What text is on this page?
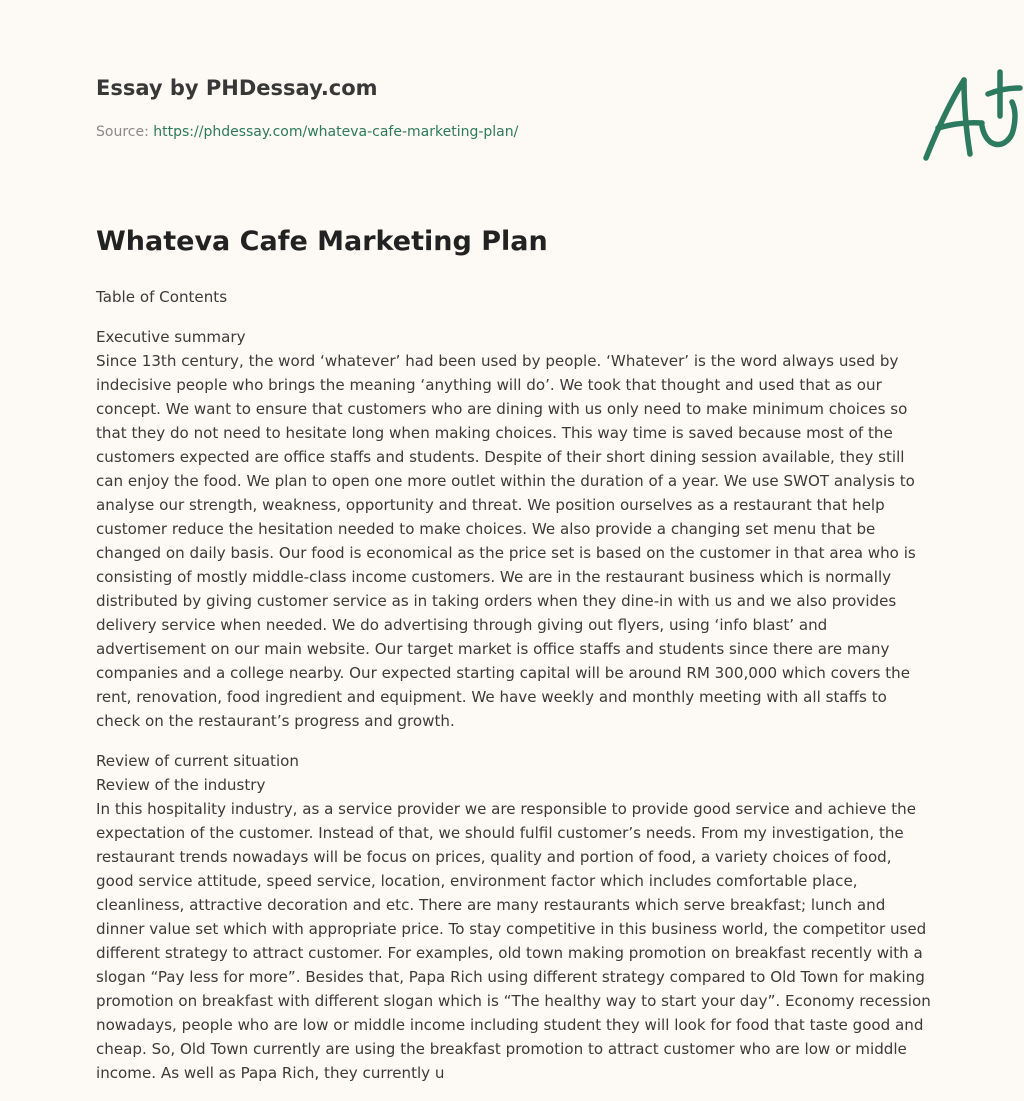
Essay by PHDessay.com
Source: https://phdessay.com/whateva-cafe-marketing-plan/
Whateva Cafe Marketing Plan

Table of Contents

Executive summary
Since 13th century, the word ‘whatever’ had been used by people. ‘Whatever’ is the word always used by indecisive people who brings the meaning ‘anything will do’. We took that thought and used that as our concept. We want to ensure that customers who are dining with us only need to make minimum choices so that they do not need to hesitate long when making choices. This way time is saved because most of the customers expected are office staffs and students. Despite of their short dining session available, they still can enjoy the food. We plan to open one more outlet within the duration of a year. We use SWOT analysis to analyse our strength, weakness, opportunity and threat. We position ourselves as a restaurant that help customer reduce the hesitation needed to make choices. We also provide a changing set menu that be changed on daily basis. Our food is economical as the price set is based on the customer in that area who is consisting of mostly middle-class income customers. We are in the restaurant business which is normally distributed by giving customer service as in taking orders when they dine-in with us and we also provides delivery service when needed. We do advertising through giving out flyers, using ‘info blast’ and advertisement on our main website. Our target market is office staffs and students since there are many companies and a college nearby. Our expected starting capital will be around RM 300,000 which covers the rent, renovation, food ingredient and equipment. We have weekly and monthly meeting with all staffs to check on the restaurant’s progress and growth.

Review of current situation
Review of the industry
In this hospitality industry, as a service provider we are responsible to provide good service and achieve the expectation of the customer. Instead of that, we should fulfil customer’s needs. From my investigation, the restaurant trends nowadays will be focus on prices, quality and portion of food, a variety choices of food, good service attitude, speed service, location, environment factor which includes comfortable place, cleanliness, attractive decoration and etc. There are many restaurants which serve breakfast; lunch and dinner value set which with appropriate price. To stay competitive in this business world, the competitor used different strategy to attract customer. For examples, old town making promotion on breakfast recently with a slogan “Pay less for more”. Besides that, Papa Rich using different strategy compared to Old Town for making promotion on breakfast with different slogan which is “The healthy way to start your day”. Economy recession nowadays, people who are low or middle income including student they will look for food that taste good and cheap. So, Old Town currently are using the breakfast promotion to attract customer who are low or middle income. As well as Papa Rich, they currently u
